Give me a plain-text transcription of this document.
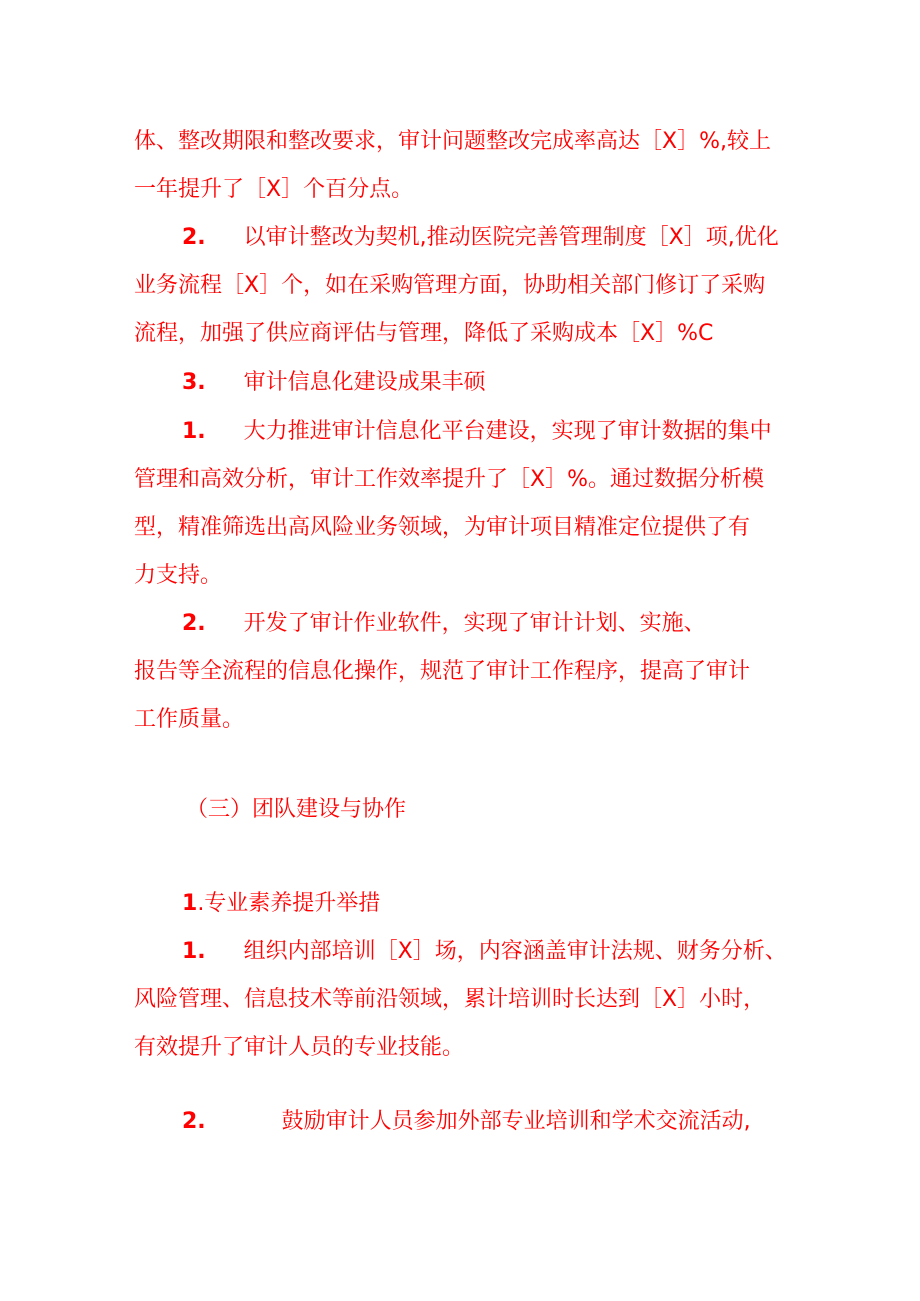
体、整改期限和整改要求，审计问题整改完成率高达［X］%,较上
一年提升了［X］个百分点。
2. 以审计整改为契机,推动医院完善管理制度［X］项,优化
业务流程［X］个，如在采购管理方面，协助相关部门修订了采购
流程，加强了供应商评估与管理，降低了采购成本［X］%C
3. 审计信息化建设成果丰硕
1. 大力推进审计信息化平台建设，实现了审计数据的集中
管理和高效分析，审计工作效率提升了［X］%。通过数据分析模
型，精准筛选出高风险业务领域，为审计项目精准定位提供了有
力支持。
2. 开发了审计作业软件，实现了审计计划、实施、
报告等全流程的信息化操作，规范了审计工作程序，提高了审计
工作质量。
（三）团队建设与协作
1.专业素养提升举措
1. 组织内部培训［X］场，内容涵盖审计法规、财务分析、
风险管理、信息技术等前沿领域，累计培训时长达到［X］小时，
有效提升了审计人员的专业技能。
2.	鼓励审计人员参加外部专业培训和学术交流活动,
